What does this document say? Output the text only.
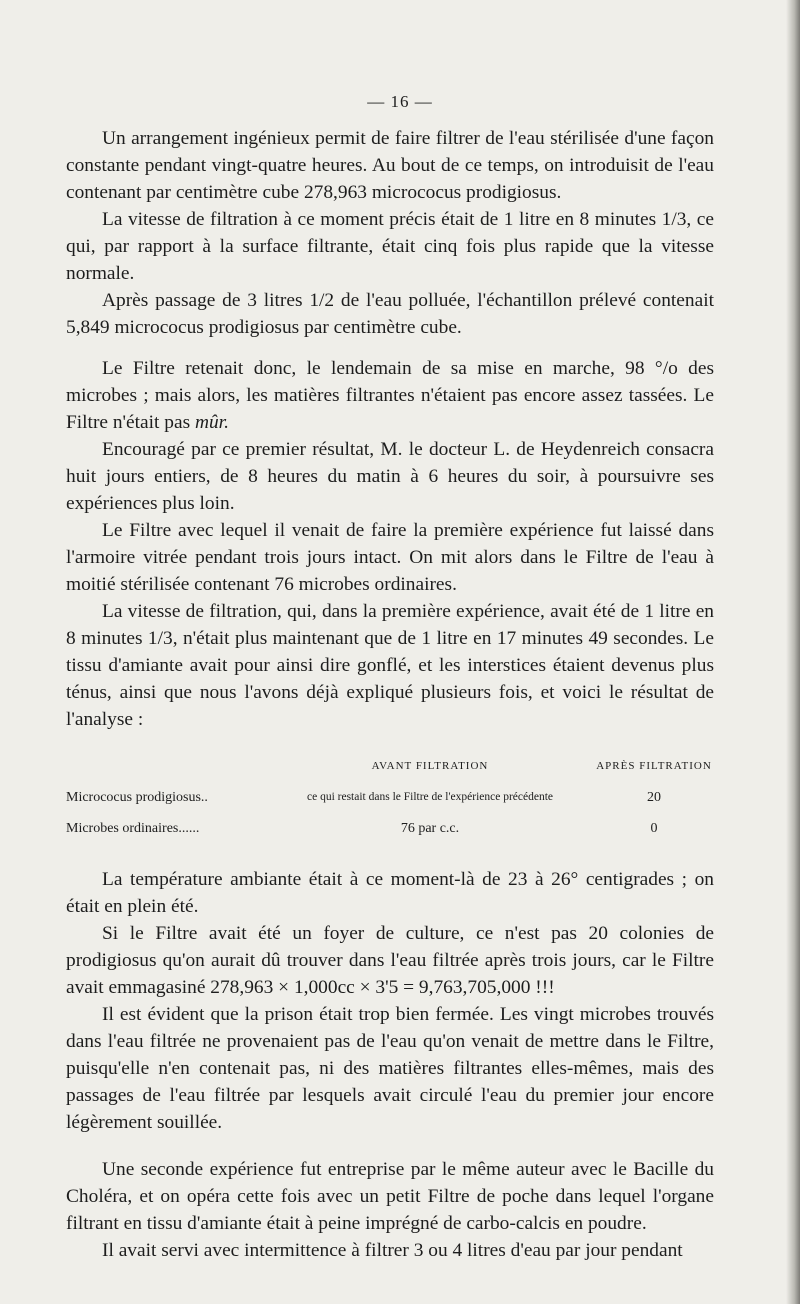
— 16 —

Un arrangement ingénieux permit de faire filtrer de l'eau stérilisée d'une façon constante pendant vingt-quatre heures. Au bout de ce temps, on introduisit de l'eau contenant par centimètre cube 278,963 micrococus prodigiosus.

La vitesse de filtration à ce moment précis était de 1 litre en 8 minutes 1/3, ce qui, par rapport à la surface filtrante, était cinq fois plus rapide que la vitesse normale.

Après passage de 3 litres 1/2 de l'eau polluée, l'échantillon prélevé contenait 5,849 micrococus prodigiosus par centimètre cube.

Le Filtre retenait donc, le lendemain de sa mise en marche, 98 °/o des microbes ; mais alors, les matières filtrantes n'étaient pas encore assez tassées. Le Filtre n'était pas mûr.

Encouragé par ce premier résultat, M. le docteur L. de Heydenreich consacra huit jours entiers, de 8 heures du matin à 6 heures du soir, à poursuivre ses expériences plus loin.

Le Filtre avec lequel il venait de faire la première expérience fut laissé dans l'armoire vitrée pendant trois jours intact. On mit alors dans le Filtre de l'eau à moitié stérilisée contenant 76 microbes ordinaires.

La vitesse de filtration, qui, dans la première expérience, avait été de 1 litre en 8 minutes 1/3, n'était plus maintenant que de 1 litre en 17 minutes 49 secondes. Le tissu d'amiante avait pour ainsi dire gonflé, et les interstices étaient devenus plus ténus, ainsi que nous l'avons déjà expliqué plusieurs fois, et voici le résultat de l'analyse :

	AVANT FILTRATION	APRÈS FILTRATION
Micrococus prodigiosus..	ce qui restait dans le Filtre de l'expérience précédente	20
Microbes ordinaires......	76 par c.c.	0

La température ambiante était à ce moment-là de 23 à 26° centigrades ; on était en plein été.

Si le Filtre avait été un foyer de culture, ce n'est pas 20 colonies de prodigiosus qu'on aurait dû trouver dans l'eau filtrée après trois jours, car le Filtre avait emmagasiné 278,963 × 1,000cc × 3'5 = 9,763,705,000 !!!

Il est évident que la prison était trop bien fermée. Les vingt microbes trouvés dans l'eau filtrée ne provenaient pas de l'eau qu'on venait de mettre dans le Filtre, puisqu'elle n'en contenait pas, ni des matières filtrantes elles-mêmes, mais des passages de l'eau filtrée par lesquels avait circulé l'eau du premier jour encore légèrement souillée.

Une seconde expérience fut entreprise par le même auteur avec le Bacille du Choléra, et on opéra cette fois avec un petit Filtre de poche dans lequel l'organe filtrant en tissu d'amiante était à peine imprégné de carbo-calcis en poudre.

Il avait servi avec intermittence à filtrer 3 ou 4 litres d'eau par jour pendant
